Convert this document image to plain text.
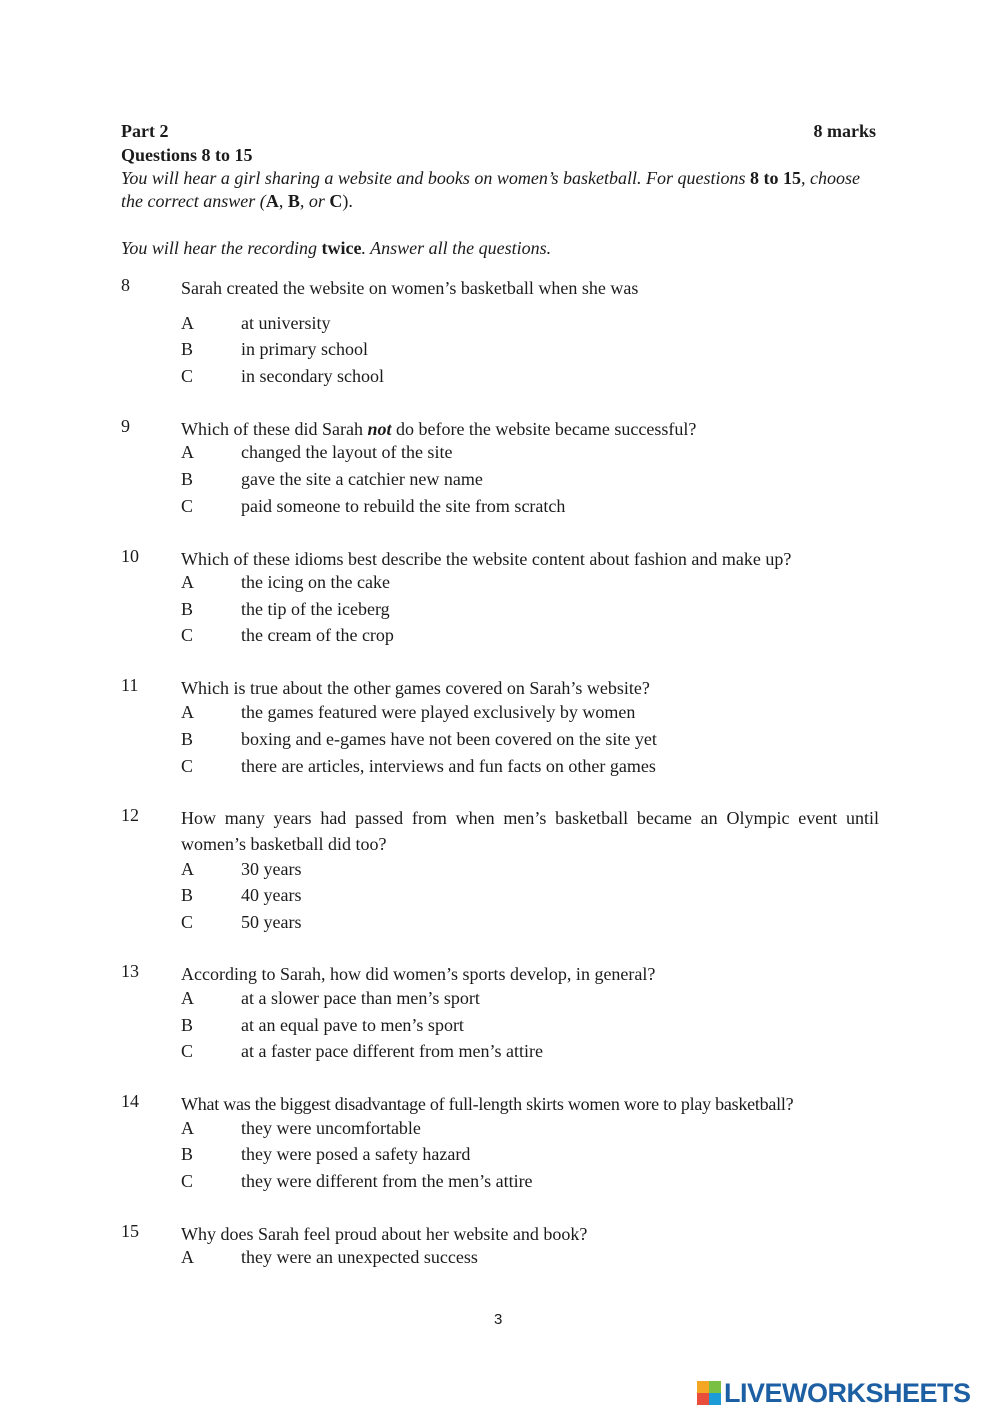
Part 2	8 marks
Questions 8 to 15
You will hear a girl sharing a website and books on women’s basketball. For questions 8 to 15, choose the correct answer (A, B, or C).
You will hear the recording twice. Answer all the questions.
8	Sarah created the website on women’s basketball when she was
A	at university
B	in primary school
C	in secondary school
9	Which of these did Sarah not do before the website became successful?
A	changed the layout of the site
B	gave the site a catchier new name
C	paid someone to rebuild the site from scratch
10 Which of these idioms best describe the website content about fashion and make up?
A	the icing on the cake
B	the tip of the iceberg
C	the cream of the crop
11 Which is true about the other games covered on Sarah’s website?
A	the games featured were played exclusively by women
B	boxing and e-games have not been covered on the site yet
C	there are articles, interviews and fun facts on other games
12 How many years had passed from when men’s basketball became an Olympic event until women’s basketball did too?
A	30 years
B	40 years
C	50 years
13 According to Sarah, how did women’s sports develop, in general?
A	at a slower pace than men’s sport
B	at an equal pave to men’s sport
C	at a faster pace different from men’s attire
14 What was the biggest disadvantage of full-length skirts women wore to play basketball?
A	they were uncomfortable
B	they were posed a safety hazard
C	they were different from the men’s attire
15 Why does Sarah feel proud about her website and book?
A	they were an unexpected success
3
LIVEWORKSHEETS
